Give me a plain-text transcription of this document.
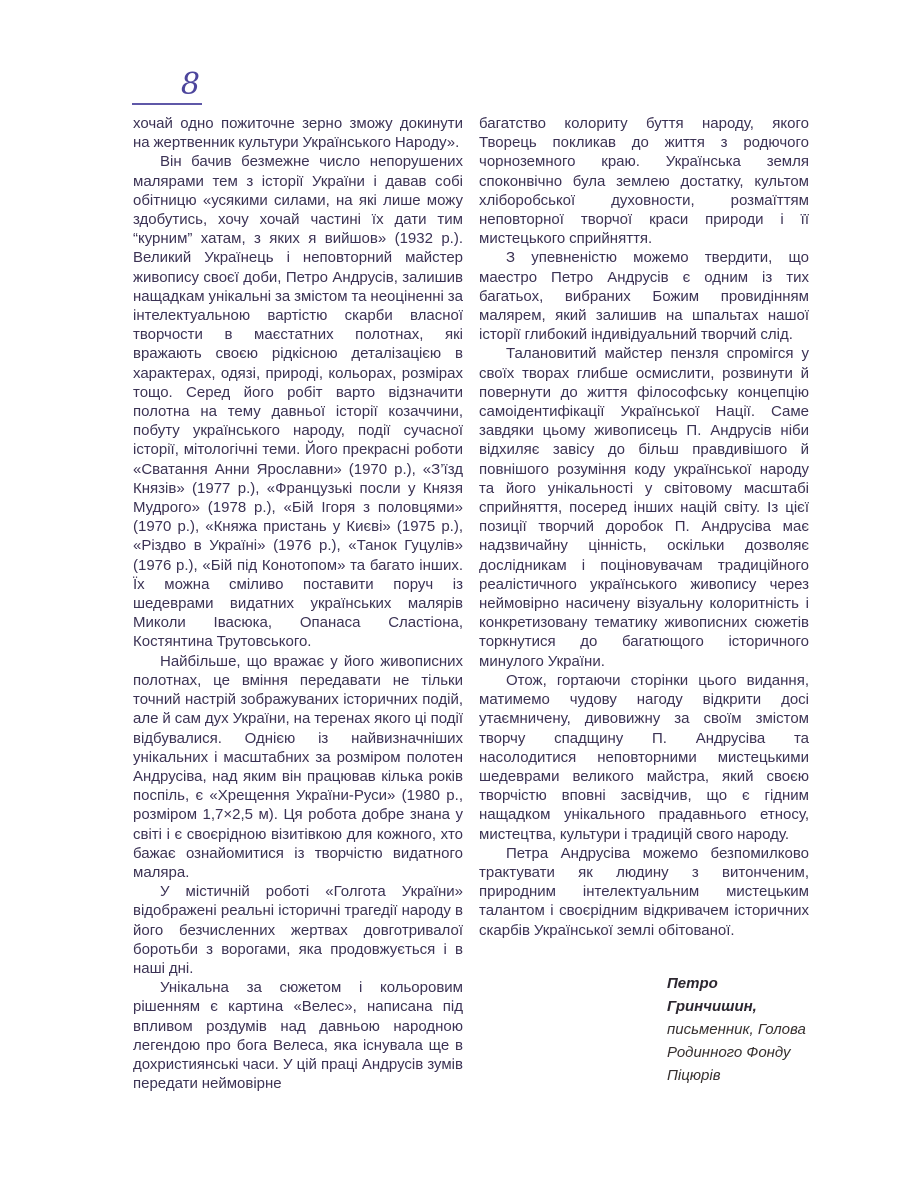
8

хочай одно пожиточне зерно зможу докинути на жертвенник культури Українського Народу».

Він бачив безмежне число непорушених малярами тем з історії України і давав собі обітницю «усякими силами, на які лише можу здобутись, хочу хочай частині їх дати тим “курним” хатам, з яких я вийшов» (1932 р.). Великий Українець і неповторний майстер живопису своєї доби, Петро Андрусів, залишив нащадкам унікальні за змістом та неоціненні за інтелектуальною вартістю скарби власної творчости в маєстатних полотнах, які вражають своєю рідкісною деталізацією в характерах, одязі, природі, кольорах, розмірах тощо. Серед його робіт варто відзначити полотна на тему давньої історії козаччини, побуту українського народу, події сучасної історії, мітологічні теми. Його прекрасні роботи «Сватання Анни Ярославни» (1970 р.), «З’їзд Князів» (1977 р.), «Французькі посли у Князя Мудрого» (1978 р.), «Бій Ігоря з половцями» (1970 р.), «Княжа пристань у Києві» (1975 р.), «Різдво в Україні» (1976 р.), «Танок Гуцулів» (1976 р.), «Бій під Конотопом» та багато інших. Їх можна сміливо поставити поруч із шедеврами видатних українських малярів Миколи Івасюка, Опанаса Сластіона, Костянтина Трутовського.

Найбільше, що вражає у його живописних полотнах, це вміння передавати не тільки точний настрій зображуваних історичних подій, але й сам дух України, на теренах якого ці події відбувалися. Однією із найвизначніших унікальних і масштабних за розміром полотен Андрусіва, над яким він працював кілька років поспіль, є «Хрещення України-Руси» (1980 р., розміром 1,7×2,5 м). Ця робота добре знана у світі і є своєрідною візитівкою для кожного, хто бажає ознайомитися із творчістю видатного маляра.

У містичній роботі «Голгота України» відображені реальні історичні трагедії народу в його безчисленних жертвах довготривалої боротьби з ворогами, яка продовжується і в наші дні.

Унікальна за сюжетом і кольоровим рішенням є картина «Велес», написана під впливом роздумів над давньою народною легендою про бога Велеса, яка існувала ще в дохристиянські часи. У цій праці Андрусів зумів передати неймовірне

багатство колориту буття народу, якого Творець покликав до життя з родючого чорноземного краю. Українська земля споконвічно була землею достатку, культом хліборобської духовности, розмаїттям неповторної творчої краси природи і її мистецького сприйняття.

З упевненістю можемо твердити, що маестро Петро Андрусів є одним із тих багатьох, вибраних Божим провидінням малярем, який залишив на шпальтах нашої історії глибокий індивідуальний творчий слід.

Талановитий майстер пензля спромігся у своїх творах глибше осмислити, розвинути й повернути до життя філософську концепцію самоідентифікації Української Нації. Саме завдяки цьому живописець П. Андрусів ніби відхиляє завісу до більш правдивішого й повнішого розуміння коду української народу та його унікальності у світовому масштабі сприйняття, посеред інших націй світу. Із цієї позиції творчий доробок П. Андрусіва має надзвичайну цінність, оскільки дозволяє дослідникам і поціновувачам традиційного реалістичного українського живопису через неймовірно насичену візуальну колоритність і конкретизовану тематику живописних сюжетів торкнутися до багатющого історичного минулого України.

Отож, гортаючи сторінки цього видання, матимемо чудову нагоду відкрити досі утаємничену, дивовижну за своїм змістом творчу спадщину П. Андрусіва та насолодитися неповторними мистецькими шедеврами великого майстра, який своєю творчістю вповні засвідчив, що є гідним нащадком унікального прадавнього етносу, мистецтва, культури і традицій свого народу.

Петра Андрусіва можемо безпомилково трактувати як людину з витонченим, природним інтелектуальним мистецьким талантом і своєрідним відкривачем історичних скарбів Української землі обітованої.

Петро Гринчишин,

письменник, Голова

Родинного Фонду Піцюрів
